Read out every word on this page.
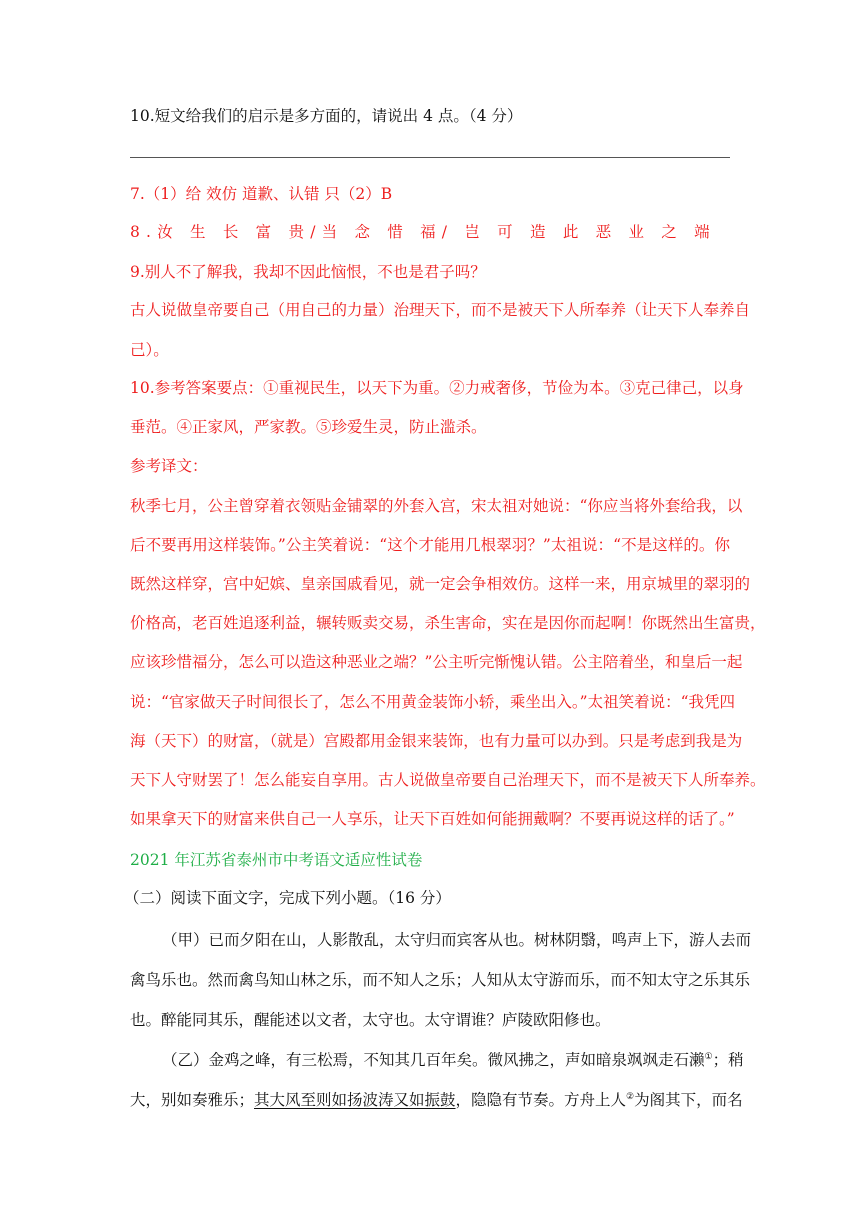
10.短文给我们的启示是多方面的，请说出 4 点。（4 分）
7.（1）给 效仿 道歉、认错 只（2）B
8.汝 生 长 富 贵/当 念 惜 福/ 岂 可 造 此 恶 业 之 端
9.别人不了解我，我却不因此恼恨，不也是君子吗？
古人说做皇帝要自己（用自己的力量）治理天下，而不是被天下人所奉养（让天下人奉养自
己）。
10.参考答案要点：①重视民生，以天下为重。②力戒奢侈，节俭为本。③克己律己，以身
垂范。④正家风，严家教。⑤珍爱生灵，防止滥杀。
参考译文：
秋季七月，公主曾穿着衣领贴金铺翠的外套入宫，宋太祖对她说：“你应当将外套给我，以
后不要再用这样装饰。”公主笑着说：“这个才能用几根翠羽？”太祖说：“不是这样的。你
既然这样穿，宫中妃嫔、皇亲国戚看见，就一定会争相效仿。这样一来，用京城里的翠羽的
价格高，老百姓追逐利益，辗转贩卖交易，杀生害命，实在是因你而起啊！你既然出生富贵，
应该珍惜福分，怎么可以造这种恶业之端？”公主听完惭愧认错。公主陪着坐，和皇后一起
说：“官家做天子时间很长了，怎么不用黄金装饰小轿，乘坐出入。”太祖笑着说：“我凭四
海（天下）的财富，（就是）宫殿都用金银来装饰，也有力量可以办到。只是考虑到我是为
天下人守财罢了！怎么能妄自享用。古人说做皇帝要自己治理天下，而不是被天下人所奉养。
如果拿天下的财富来供自己一人享乐，让天下百姓如何能拥戴啊？不要再说这样的话了。”
2021 年江苏省泰州市中考语文适应性试卷
（二）阅读下面文字，完成下列小题。（16 分）
（甲）已而夕阳在山，人影散乱，太守归而宾客从也。树林阴翳，鸣声上下，游人去而
禽鸟乐也。然而禽鸟知山林之乐，而不知人之乐；人知从太守游而乐，而不知太守之乐其乐
也。醉能同其乐，醒能述以文者，太守也。太守谓谁？庐陵欧阳修也。
（乙）金鸡之峰，有三松焉，不知其几百年矣。微风拂之，声如暗泉飒飒走石濑①；稍
大，别如奏雅乐；其大风至则如扬波涛又如振鼓，隐隐有节奏。方舟上人②为阁其下，而名
